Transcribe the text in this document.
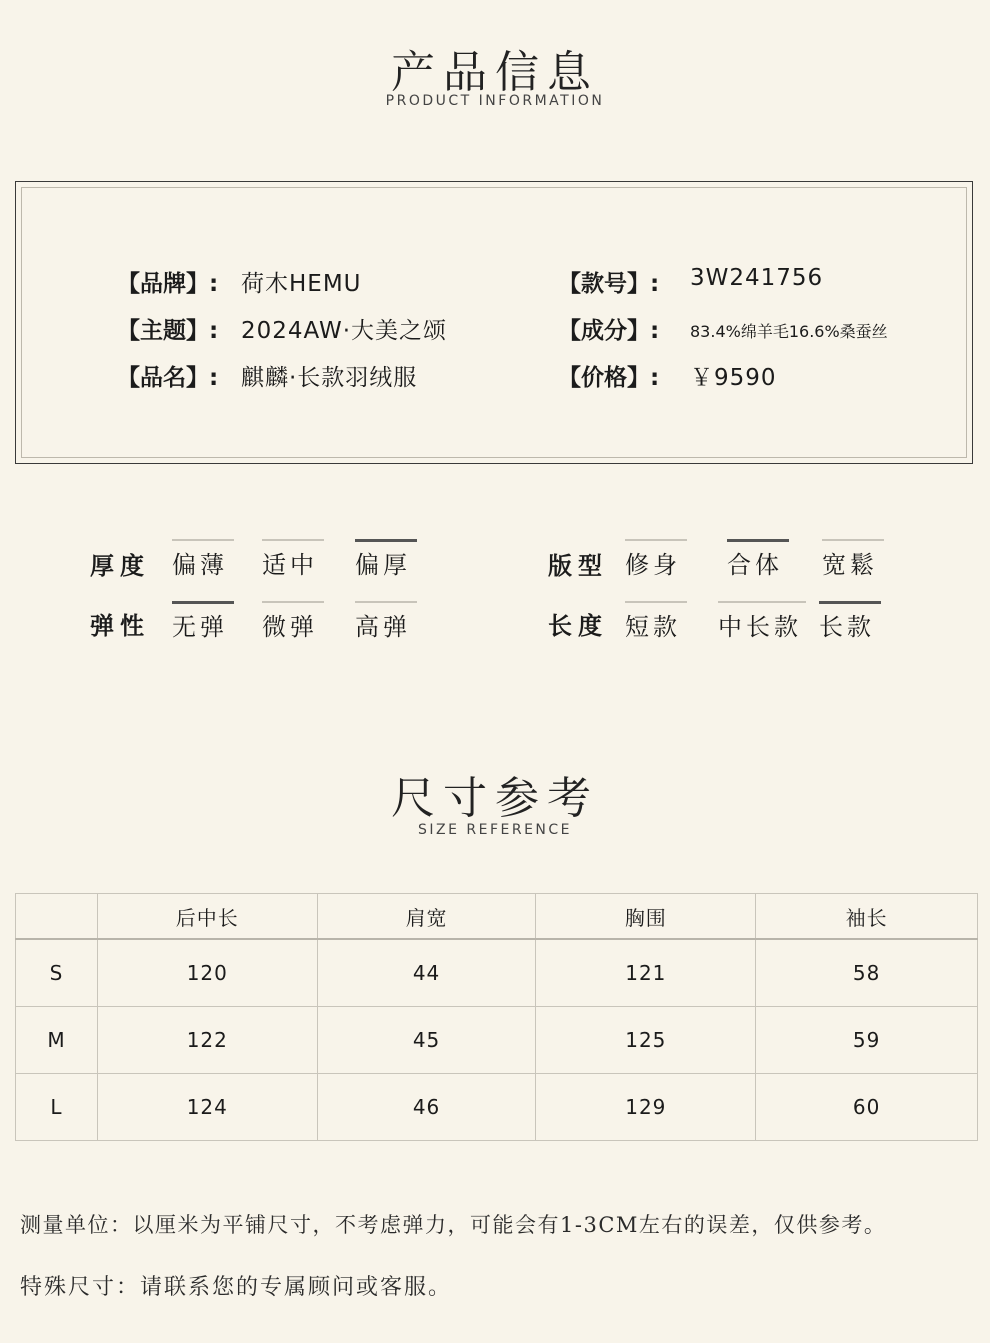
产品信息
PRODUCT INFORMATION
【品牌】: 荷木HEMU
【主题】: 2024AW·大美之颂
【品名】: 麒麟·长款羽绒服
【款号】: 3W241756
【成分】: 83.4%绵羊毛16.6%桑蚕丝
【价格】: ￥9590
厚度 偏薄 适中 偏厚
弹性 无弹 微弹 高弹
版型 修身 合体 宽鬆
长度 短款 中长款 长款
尺寸参考
SIZE REFERENCE
	后中长	肩宽	胸围	袖长
S	120	44	121	58
M	122	45	125	59
L	124	46	129	60
测量单位：以厘米为平铺尺寸，不考虑弹力，可能会有1-3CM左右的误差，仅供参考。
特殊尺寸：请联系您的专属顾问或客服。
